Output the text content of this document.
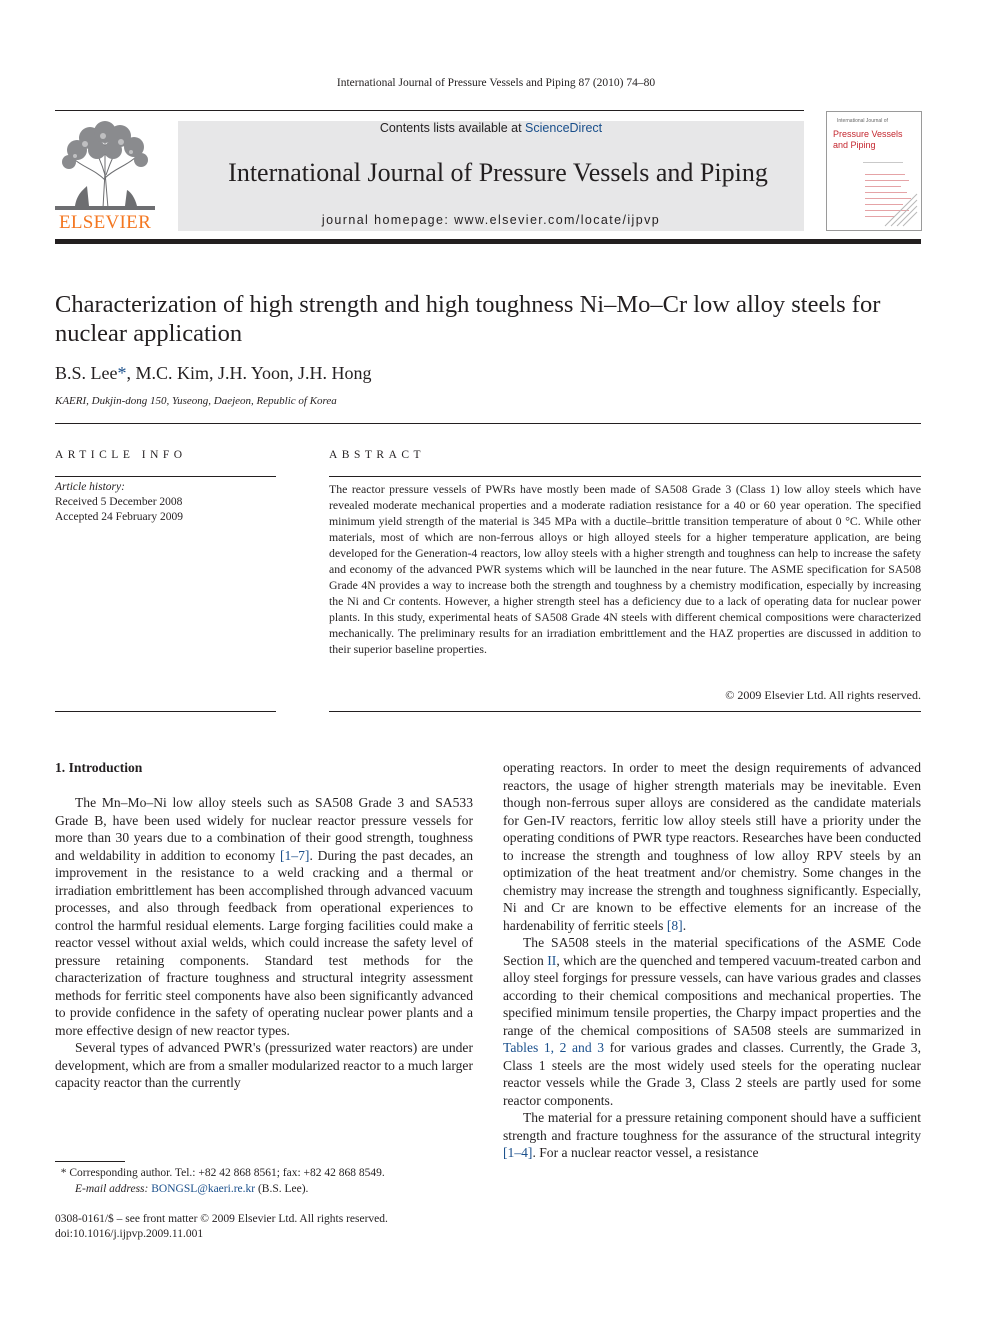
International Journal of Pressure Vessels and Piping 87 (2010) 74–80
ELSEVIER
Contents lists available at ScienceDirect
International Journal of Pressure Vessels and Piping
journal homepage: www.elsevier.com/locate/ijpvp
International Journal of
Pressure Vessels
and Piping
Characterization of high strength and high toughness Ni–Mo–Cr low alloy steels for nuclear application
B.S. Lee*, M.C. Kim, J.H. Yoon, J.H. Hong
KAERI, Dukjin-dong 150, Yuseong, Daejeon, Republic of Korea
ARTICLE INFO	ABSTRACT
Article history:
Received 5 December 2008
Accepted 24 February 2009
The reactor pressure vessels of PWRs have mostly been made of SA508 Grade 3 (Class 1) low alloy steels which have revealed moderate mechanical properties and a moderate radiation resistance for a 40 or 60 year operation. The specified minimum yield strength of the material is 345 MPa with a ductile–brittle transition temperature of about 0 °C. While other materials, most of which are non-ferrous alloys or high alloyed steels for a higher temperature application, are being developed for the Generation-4 reactors, low alloy steels with a higher strength and toughness can help to increase the safety and economy of the advanced PWR systems which will be launched in the near future. The ASME specification for SA508 Grade 4N provides a way to increase both the strength and toughness by a chemistry modification, especially by increasing the Ni and Cr contents. However, a higher strength steel has a deficiency due to a lack of operating data for nuclear power plants. In this study, experimental heats of SA508 Grade 4N steels with different chemical compositions were characterized mechanically. The preliminary results for an irradiation embrittlement and the HAZ properties are discussed in addition to their superior baseline properties.
© 2009 Elsevier Ltd. All rights reserved.
1. Introduction

The Mn–Mo–Ni low alloy steels such as SA508 Grade 3 and SA533 Grade B, have been used widely for nuclear reactor pressure vessels for more than 30 years due to a combination of their good strength, toughness and weldability in addition to economy [1–7]. During the past decades, an improvement in the resistance to a weld cracking and a thermal or irradiation embrittlement has been accomplished through advanced vacuum processes, and also through feedback from operational experiences to control the harmful residual elements. Large forging facilities could make a reactor vessel without axial welds, which could increase the safety level of pressure retaining components. Standard test methods for the characterization of fracture toughness and structural integrity assessment methods for ferritic steel components have also been significantly advanced to provide confidence in the safety of operating nuclear power plants and a more effective design of new reactor types.

Several types of advanced PWR's (pressurized water reactors) are under development, which are from a smaller modularized reactor to a much larger capacity reactor than the currently

operating reactors. In order to meet the design requirements of advanced reactors, the usage of higher strength materials may be inevitable. Even though non-ferrous super alloys are considered as the candidate materials for Gen-IV reactors, ferritic low alloy steels still have a priority under the operating conditions of PWR type reactors. Researches have been conducted to increase the strength and toughness of low alloy RPV steels by an optimization of the heat treatment and/or chemistry. Some changes in the chemistry may increase the strength and toughness significantly. Especially, Ni and Cr are known to be effective elements for an increase of the hardenability of ferritic steels [8].

The SA508 steels in the material specifications of the ASME Code Section II, which are the quenched and tempered vacuum-treated carbon and alloy steel forgings for pressure vessels, can have various grades and classes according to their chemical compositions and mechanical properties. The specified minimum tensile properties, the Charpy impact properties and the range of the chemical compositions of SA508 steels are summarized in Tables 1, 2 and 3 for various grades and classes. Currently, the Grade 3, Class 1 steels are the most widely used steels for the operating nuclear reactor vessels while the Grade 3, Class 2 steels are partly used for some reactor components.

The material for a pressure retaining component should have a sufficient strength and fracture toughness for the assurance of the structural integrity [1–4]. For a nuclear reactor vessel, a resistance

* Corresponding author. Tel.: +82 42 868 8561; fax: +82 42 868 8549.
E-mail address: BONGSL@kaeri.re.kr (B.S. Lee).
0308-0161/$ – see front matter © 2009 Elsevier Ltd. All rights reserved.
doi:10.1016/j.ijpvp.2009.11.001
